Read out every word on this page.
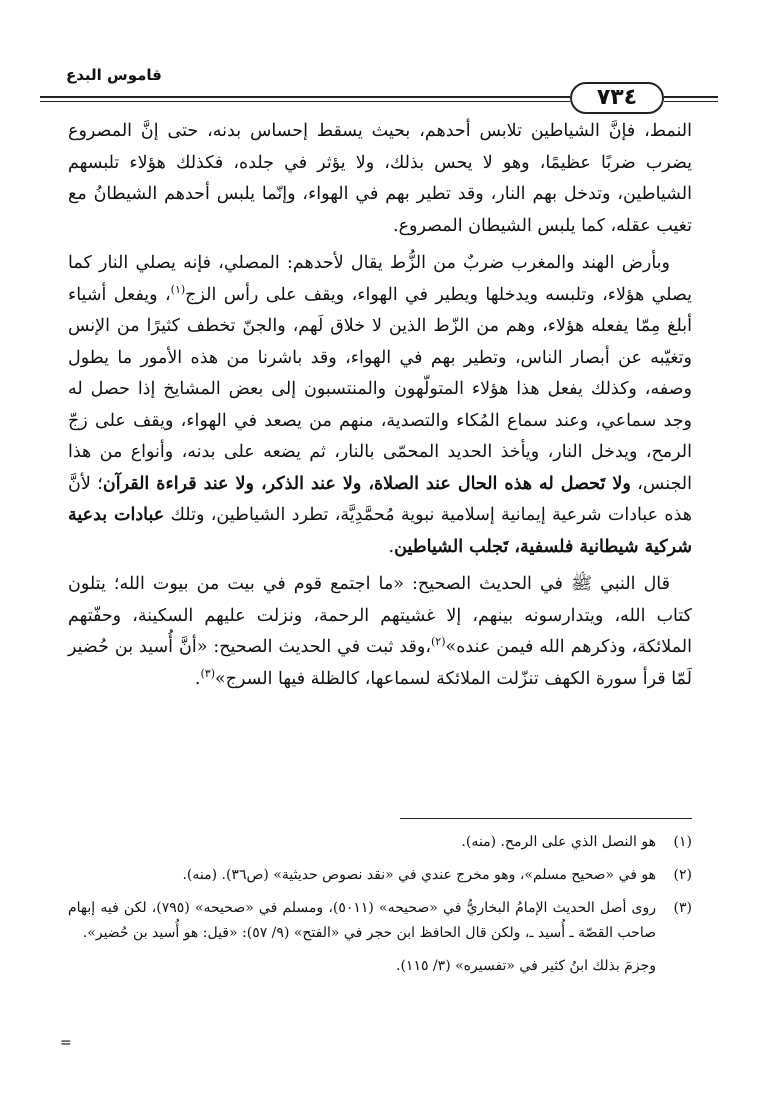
قاموس البدع
٧٣٤

النمط، فإنَّ الشياطين تلابس أحدهم، بحيث يسقط إحساس بدنه، حتى إنَّ المصروع يضرب ضربًا عظيمًا، وهو لا يحس بذلك، ولا يؤثر في جلده، فكذلك هؤلاء تلبسهم الشياطين، وتدخل بهم النار، وقد تطير بهم في الهواء، وإنّما يلبس أحدهم الشيطانُ مع تغيب عقله، كما يلبس الشيطان المصروع.

وبأرض الهند والمغرب ضربٌ من الزُّط يقال لأحدهم: المصلي، فإنه يصلي النار كما يصلي هؤلاء، وتلبسه ويدخلها ويطير في الهواء، ويقف على رأس الزج$^{(١)}$، ويفعل أشياء أبلغ مِمّا يفعله هؤلاء، وهم من الزّط الذين لا خلاق لَهم، والجنّ تخطف كثيرًا من الإنس وتغيّبه عن أبصار الناس، وتطير بهم في الهواء، وقد باشرنا من هذه الأمور ما يطول وصفه، وكذلك يفعل هذا هؤلاء المتولّهون والمنتسبون إلى بعض المشايخ إذا حصل له وجد سماعي، وعند سماع المُكاء والتصدية، منهم من يصعد في الهواء، ويقف على زجّ الرمح، ويدخل النار، ويأخذ الحديد المحمّى بالنار، ثم يضعه على بدنه، وأنواع من هذا الجنس، ولا تَحصل له هذه الحال عند الصلاة، ولا عند الذكر، ولا عند قراءة القرآن؛ لأنَّ هذه عبادات شرعية إيمانية إسلامية نبوية مُحمَّدِيَّة، تطرد الشياطين، وتلك عبادات بدعية شركية شيطانية فلسفية، تَجلب الشياطين.

قال النبي ﷺ في الحديث الصحيح: «ما اجتمع قوم في بيت من بيوت الله؛ يتلون كتاب الله، ويتدارسونه بينهم، إلا غشيتهم الرحمة، ونزلت عليهم السكينة، وحفّتهم الملائكة، وذكرهم الله فيمن عنده»$^{(٢)}$،وقد ثبت في الحديث الصحيح: «أنَّ أُسيد بن حُضير لَمّا قرأ سورة الكهف تنزّلت الملائكة لسماعها، كالظلة فيها السرج»$^{(٣)}$.

(١)
هو النصل الذي على الرمح. (منه).
(٢)
هو في «صحيح مسلم»، وهو مخرج عندي في «نقد نصوص حديثية» (ص٣٦). (منه).
(٣)
روى أصل الحديث الإمامُ البخاريُّ في «صحيحه» (٥٠١١)، ومسلم في «صحيحه» (٧٩٥)، لكن فيه إبهام صاحب القصّة ـ أُسيد ـ، ولكن قال الحافظ ابن حجر في «الفتح» (٩/ ٥٧): «قيل: هو أُسيد بن حُضير».
وجزمَ بذلك ابنُ كثير في «تفسيره» (٣/ ١١٥).
=
